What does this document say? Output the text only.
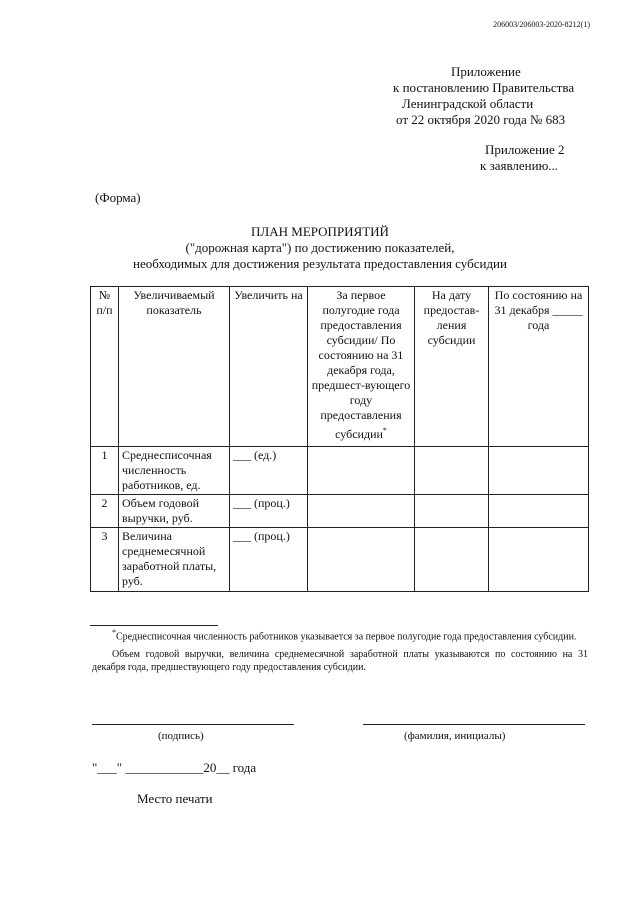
206003/206003-2020-8212(1)
Приложение
к постановлению Правительства
Ленинградской области
от 22 октября 2020 года № 683
Приложение 2
к заявлению...
(Форма)
ПЛАН МЕРОПРИЯТИЙ
("дорожная карта") по достижению показателей,
необходимых для достижения результата предоставления субсидии
№ п/п	Увеличиваемый показатель	Увеличить на	За первое полугодие года предоставления субсидии/ По состоянию на 31 декабря года, предшест-вующего году предоставления субсидии*	На дату предостав-ления субсидии	По состоянию на 31 декабря _____ года
1	Среднесписочная численность работников, ед.	___ (ед.)			
2	Объем годовой выручки, руб.	___ (проц.)			
3	Величина среднемесячной заработной платы, руб.	___ (проц.)			

*Среднесписочная численность работников указывается за первое полугодие года предоставления субсидии.

Объем годовой выручки, величина среднемесячной заработной платы указываются по состоянию на 31 декабря года, предшествующего году предоставления субсидии.

(подпись)	(фамилия, инициалы)
"___" ____________20__ года
Место печати
